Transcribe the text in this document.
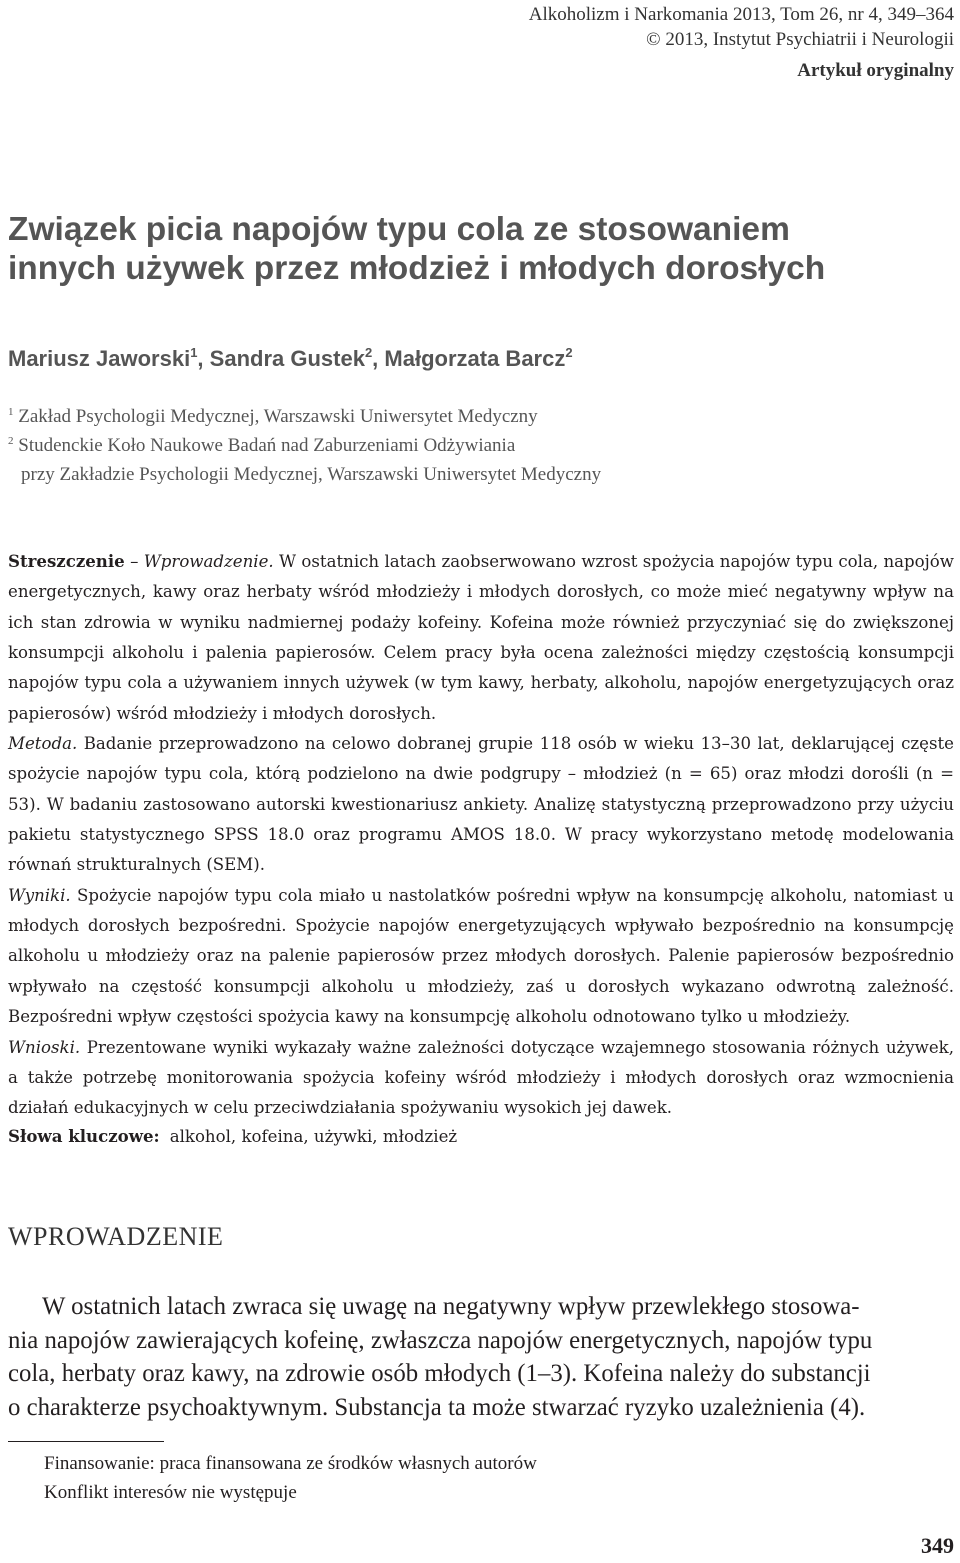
Alkoholizm i Narkomania 2013, Tom 26, nr 4, 349–364
© 2013, Instytut Psychiatrii i Neurologii
Artykuł oryginalny
Związek picia napojów typu cola ze stosowaniem
innych używek przez młodzież i młodych dorosłych
Mariusz Jaworski$^1$, Sandra Gustek$^2$, Małgorzata Barcz$^2$
$^1$ Zakład Psychologii Medycznej, Warszawski Uniwersytet Medyczny
$^2$ Studenckie Koło Naukowe Badań nad Zaburzeniami Odżywiania
przy Zakładzie Psychologii Medycznej, Warszawski Uniwersytet Medyczny

Streszczenie – Wprowadzenie. W ostatnich latach zaobserwowano wzrost spożycia napojów typu cola, napojów energetycznych, kawy oraz herbaty wśród młodzieży i młodych dorosłych, co może mieć negatywny wpływ na ich stan zdrowia w wyniku nadmiernej podaży kofeiny. Kofeina może również przyczyniać się do zwiększonej konsumpcji alkoholu i palenia papierosów. Celem pracy była ocena zależności między częstością konsumpcji napojów typu cola a używaniem innych używek (w tym kawy, herbaty, alkoholu, napojów energetyzujących oraz papierosów) wśród młodzieży i młodych dorosłych.

Metoda. Badanie przeprowadzono na celowo dobranej grupie 118 osób w wieku 13–30 lat, deklarującej częste spożycie napojów typu cola, którą podzielono na dwie podgrupy – młodzież (n = 65) oraz młodzi dorośli (n = 53). W badaniu zastosowano autorski kwestionariusz ankiety. Analizę statystyczną przeprowadzono przy użyciu pakietu statystycznego SPSS 18.0 oraz programu AMOS 18.0. W pracy wykorzystano metodę modelowania równań strukturalnych (SEM).

Wyniki. Spożycie napojów typu cola miało u nastolatków pośredni wpływ na konsumpcję alkoholu, natomiast u młodych dorosłych bezpośredni. Spożycie napojów energetyzujących wpływało bezpośrednio na konsumpcję alkoholu u młodzieży oraz na palenie papierosów przez młodych dorosłych. Palenie papierosów bezpośrednio wpływało na częstość konsumpcji alkoholu u młodzieży, zaś u dorosłych wykazano odwrotną zależność. Bezpośredni wpływ częstości spożycia kawy na konsumpcję alkoholu odnotowano tylko u młodzieży.

Wnioski. Prezentowane wyniki wykazały ważne zależności dotyczące wzajemnego stosowania różnych używek, a także potrzebę monitorowania spożycia kofeiny wśród młodzieży i młodych dorosłych oraz wzmocnienia działań edukacyjnych w celu przeciwdziałania spożywaniu wysokich jej dawek.

Słowa kluczowe: alkohol, kofeina, używki, młodzież
WPROWADZENIE
W ostatnich latach zwraca się uwagę na negatywny wpływ przewlekłego stosowa-
nia napojów zawierających kofeinę, zwłaszcza napojów energetycznych, napojów typu
cola, herbaty oraz kawy, na zdrowie osób młodych (1–3). Kofeina należy do substancji
o charakterze psychoaktywnym. Substancja ta może stwarzać ryzyko uzależnienia (4).
Finansowanie: praca finansowana ze środków własnych autorów
Konflikt interesów nie występuje
349
